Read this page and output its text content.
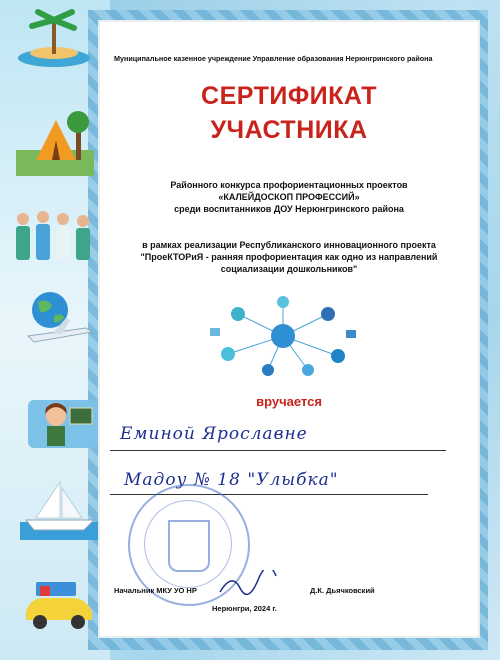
Муниципальное казенное учреждение Управление образования Нерюнгринского района
СЕРТИФИКАТ
УЧАСТНИКА
Районного конкурса профориентационных проектов
«КАЛЕЙДОСКОП ПРОФЕССИЙ»
среди воспитанников ДОУ Нерюнгринского района
в рамках реализации Республиканского инновационного проекта
"ПроеКТОРиЯ - ранняя профориентация как одно из направлений
социализации дошкольников"
вручается
Еминой Ярославне
Мадоу № 18 "Улыбка"
Начальник МКУ УО НР	Д.К. Дьячковский
Нерюнгри, 2024 г.
